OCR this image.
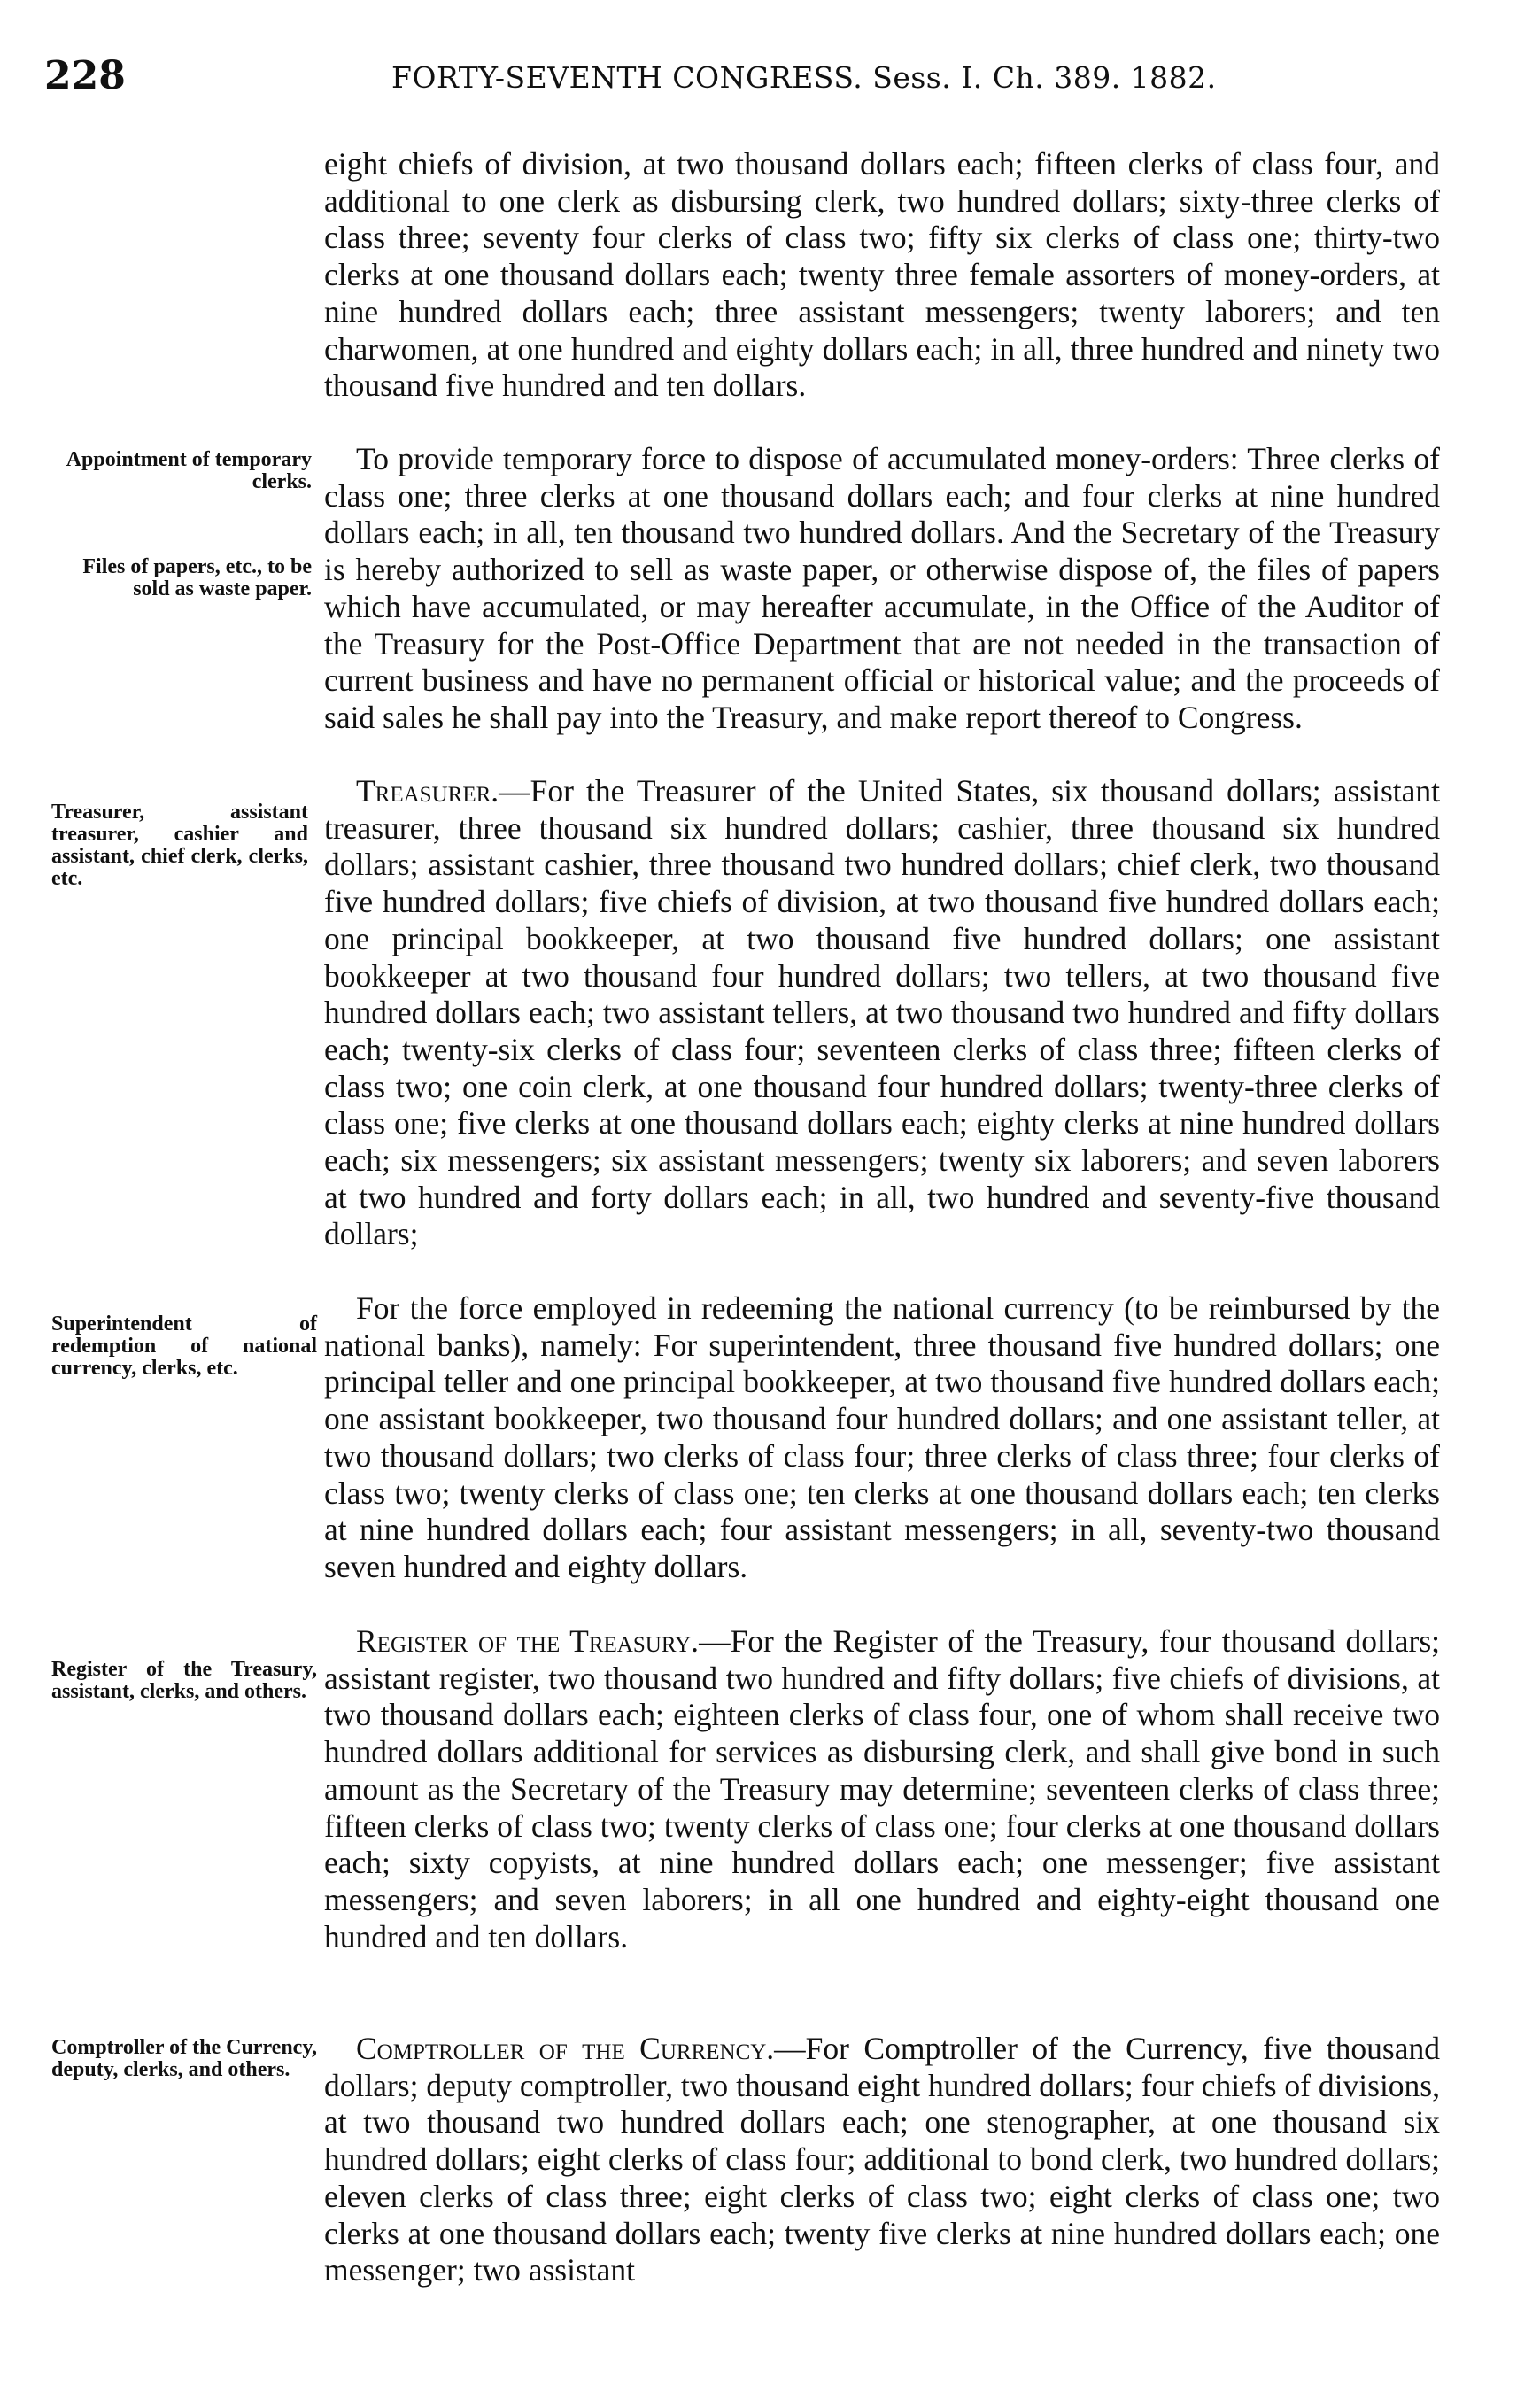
228	FORTY-SEVENTH CONGRESS. Sess. I. Ch. 389. 1882.

eight chiefs of division, at two thousand dollars each; fifteen clerks of class four, and additional to one clerk as disbursing clerk, two hundred dollars; sixty-three clerks of class three; seventy four clerks of class two; fifty six clerks of class one; thirty-two clerks at one thousand dollars each; twenty three female assorters of money-orders, at nine hundred dollars each; three assistant messengers; twenty laborers; and ten charwomen, at one hundred and eighty dollars each; in all, three hundred and ninety two thousand five hundred and ten dollars.

To provide temporary force to dispose of accumulated money-orders: Three clerks of class one; three clerks at one thousand dollars each; and four clerks at nine hundred dollars each; in all, ten thousand two hundred dollars. And the Secretary of the Treasury is hereby authorized to sell as waste paper, or otherwise dispose of, the files of papers which have accumulated, or may hereafter accumulate, in the Office of the Auditor of the Treasury for the Post-Office Department that are not needed in the transaction of current business and have no permanent official or historical value; and the proceeds of said sales he shall pay into the Treasury, and make report thereof to Congress.

Treasurer.—For the Treasurer of the United States, six thousand dollars; assistant treasurer, three thousand six hundred dollars; cashier, three thousand six hundred dollars; assistant cashier, three thousand two hundred dollars; chief clerk, two thousand five hundred dollars; five chiefs of division, at two thousand five hundred dollars each; one principal bookkeeper, at two thousand five hundred dollars; one assistant bookkeeper at two thousand four hundred dollars; two tellers, at two thousand five hundred dollars each; two assistant tellers, at two thousand two hundred and fifty dollars each; twenty-six clerks of class four; seventeen clerks of class three; fifteen clerks of class two; one coin clerk, at one thousand four hundred dollars; twenty-three clerks of class one; five clerks at one thousand dollars each; eighty clerks at nine hundred dollars each; six messengers; six assistant messengers; twenty six laborers; and seven laborers at two hundred and forty dollars each; in all, two hundred and seventy-five thousand dollars;

For the force employed in redeeming the national currency (to be reimbursed by the national banks), namely: For superintendent, three thousand five hundred dollars; one principal teller and one principal bookkeeper, at two thousand five hundred dollars each; one assistant bookkeeper, two thousand four hundred dollars; and one assistant teller, at two thousand dollars; two clerks of class four; three clerks of class three; four clerks of class two; twenty clerks of class one; ten clerks at one thousand dollars each; ten clerks at nine hundred dollars each; four assistant messengers; in all, seventy-two thousand seven hundred and eighty dollars.

Register of the Treasury.—For the Register of the Treasury, four thousand dollars; assistant register, two thousand two hundred and fifty dollars; five chiefs of divisions, at two thousand dollars each; eighteen clerks of class four, one of whom shall receive two hundred dollars additional for services as disbursing clerk, and shall give bond in such amount as the Secretary of the Treasury may determine; seventeen clerks of class three; fifteen clerks of class two; twenty clerks of class one; four clerks at one thousand dollars each; sixty copyists, at nine hundred dollars each; one messenger; five assistant messengers; and seven laborers; in all one hundred and eighty-eight thousand one hundred and ten dollars.

Comptroller of the Currency.—For Comptroller of the Currency, five thousand dollars; deputy comptroller, two thousand eight hundred dollars; four chiefs of divisions, at two thousand two hundred dollars each; one stenographer, at one thousand six hundred dollars; eight clerks of class four; additional to bond clerk, two hundred dollars; eleven clerks of class three; eight clerks of class two; eight clerks of class one; two clerks at one thousand dollars each; twenty five clerks at nine hundred dollars each; one messenger; two assistant

Appointment of temporary clerks.

Files of papers, etc., to be sold as waste paper.

Treasurer, assistant treasurer, cashier and assistant, chief clerk, clerks, etc.

Superintendent of redemption of national currency, clerks, etc.

Register of the Treasury, assistant, clerks, and others.

Comptroller of the Currency, deputy, clerks, and others.
